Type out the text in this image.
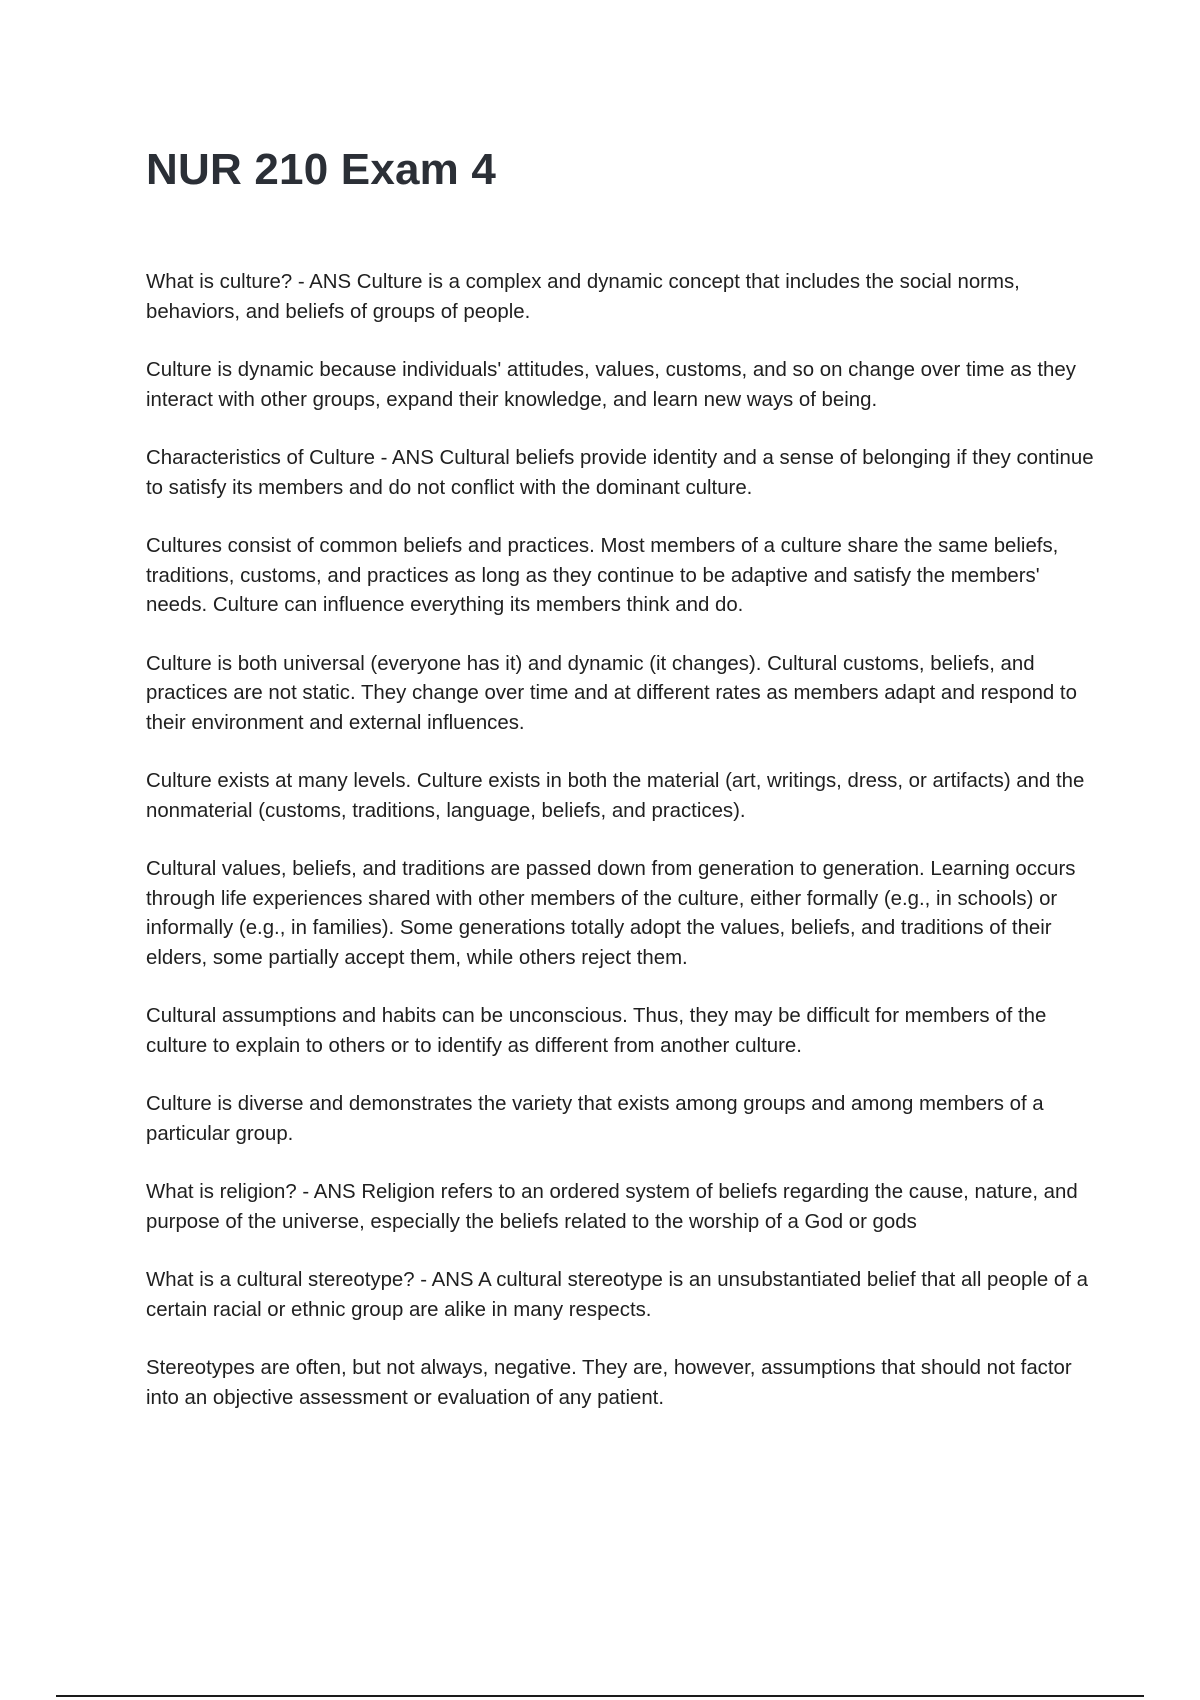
NUR 210 Exam 4

What is culture? - ANS Culture is a complex and dynamic concept that includes the social norms, behaviors, and beliefs of groups of people.

Culture is dynamic because individuals' attitudes, values, customs, and so on change over time as they interact with other groups, expand their knowledge, and learn new ways of being.

Characteristics of Culture - ANS Cultural beliefs provide identity and a sense of belonging if they continue to satisfy its members and do not conflict with the dominant culture.

Cultures consist of common beliefs and practices. Most members of a culture share the same beliefs, traditions, customs, and practices as long as they continue to be adaptive and satisfy the members' needs. Culture can influence everything its members think and do.

Culture is both universal (everyone has it) and dynamic (it changes). Cultural customs, beliefs, and practices are not static. They change over time and at different rates as members adapt and respond to their environment and external influences.

Culture exists at many levels. Culture exists in both the material (art, writings, dress, or artifacts) and the nonmaterial (customs, traditions, language, beliefs, and practices).

Cultural values, beliefs, and traditions are passed down from generation to generation. Learning occurs through life experiences shared with other members of the culture, either formally (e.g., in schools) or informally (e.g., in families). Some generations totally adopt the values, beliefs, and traditions of their elders, some partially accept them, while others reject them.

Cultural assumptions and habits can be unconscious. Thus, they may be difficult for members of the culture to explain to others or to identify as different from another culture.

Culture is diverse and demonstrates the variety that exists among groups and among members of a particular group.

What is religion? - ANS Religion refers to an ordered system of beliefs regarding the cause, nature, and purpose of the universe, especially the beliefs related to the worship of a God or gods

What is a cultural stereotype? - ANS A cultural stereotype is an unsubstantiated belief that all people of a certain racial or ethnic group are alike in many respects.

Stereotypes are often, but not always, negative. They are, however, assumptions that should not factor into an objective assessment or evaluation of any patient.
